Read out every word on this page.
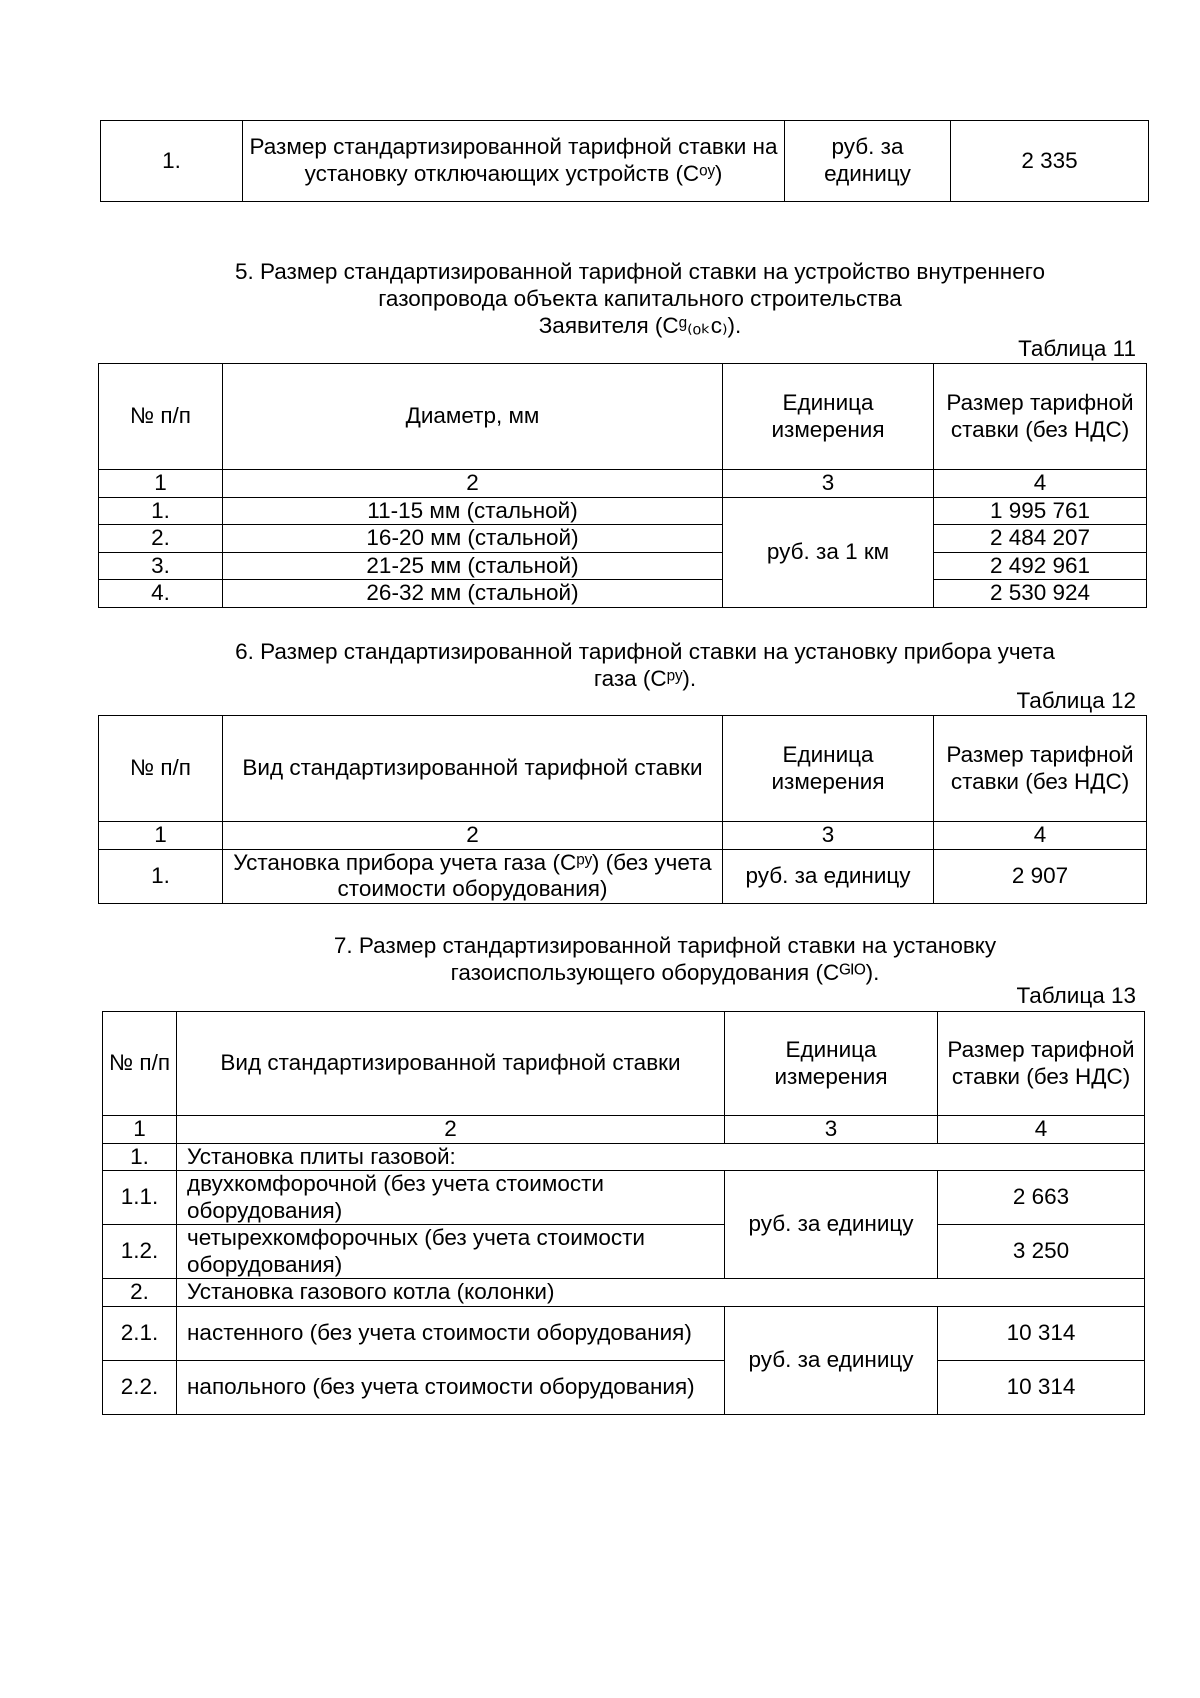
1.	Размер стандартизированной тарифной ставки на установку отключающих устройств (Cᵒʸ)	руб. за единицу	2 335
5. Размер стандартизированной тарифной ставки на устройство внутреннего
газопровода объекта капитального строительства
Заявителя (Сᵍ₍ₒₖc₎).
Таблица 11
№ п/п	Диаметр, мм	Единица измерения	Размер тарифной ставки (без НДС)
1	2	3	4
1.	11-15 мм (стальной)	руб. за 1 км	1 995 761
2.	16-20 мм (стальной)		2 484 207
3.	21-25 мм (стальной)		2 492 961
4.	26-32 мм (стальной)		2 530 924
6. Размер стандартизированной тарифной ставки на установку прибора учета
газа (Сᵖʸ).
Таблица 12
№ п/п	Вид стандартизированной тарифной ставки	Единица измерения	Размер тарифной ставки (без НДС)
1	2	3	4
1.	Установка прибора учета газа (Сᵖʸ) (без учета стоимости оборудования)	руб. за единицу	2 907
7. Размер стандартизированной тарифной ставки на установку
газоиспользующего оборудования (Сᴳᴵᴼ).
Таблица 13
№ п/п	Вид стандартизированной тарифной ставки	Единица измерения	Размер тарифной ставки (без НДС)
1	2	3	4
1.	Установка плиты газовой:		
1.1.	двухкомфорочной (без учета стоимости оборудования)	руб. за единицу	2 663
1.2.	четырехкомфорочных (без учета стоимости оборудования)		3 250
2.	Установка газового котла (колонки)		
2.1.	настенного (без учета стоимости оборудования)	руб. за единицу	10 314
2.2.	напольного (без учета стоимости оборудования)		10 314
